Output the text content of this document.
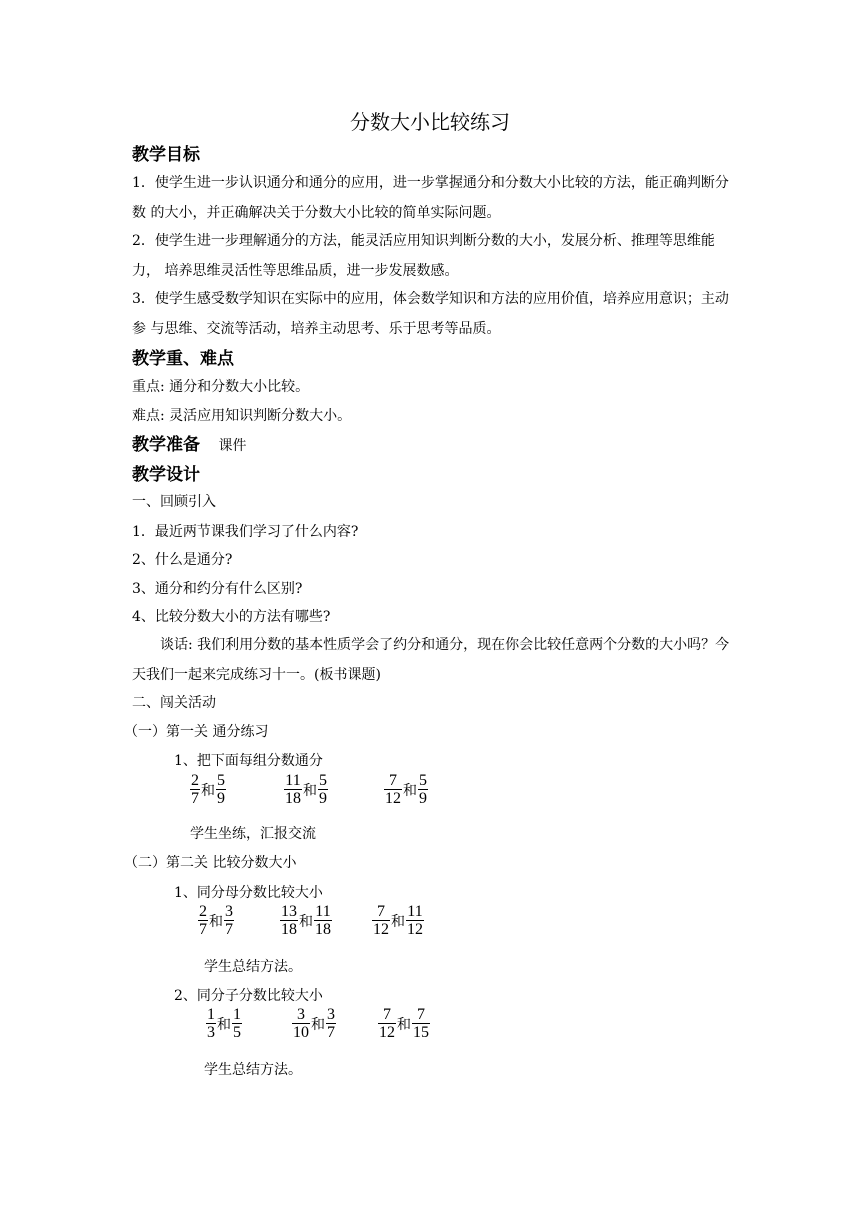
分数大小比较练习
教学目标
1．使学生进一步认识通分和通分的应用，进一步掌握通分和分数大小比较的方法，能正确判断分数 的大小，并正确解决关于分数大小比较的简单实际问题。
2．使学生进一步理解通分的方法，能灵活应用知识判断分数的大小，发展分析、推理等思维能力， 培养思维灵活性等思维品质，进一步发展数感。
3．使学生感受数学知识在实际中的应用，体会数学知识和方法的应用价值，培养应用意识；主动参 与思维、交流等活动，培养主动思考、乐于思考等品质。
教学重、难点
重点: 通分和分数大小比较。
难点: 灵活应用知识判断分数大小。
教学准备 课件
教学设计
一、回顾引入
1．最近两节课我们学习了什么内容?
2、什么是通分?
3、通分和约分有什么区别?
4、比较分数大小的方法有哪些?
谈话: 我们利用分数的基本性质学会了约分和通分，现在你会比较任意两个分数的大小吗？今天我们一起来完成练习十一。(板书课题)
二、闯关活动
（一）第一关 通分练习
1、把下面每组分数通分
$\frac{2}{7}$ 和 $\frac{5}{9}$	$\frac{11}{18}$ 和 $\frac{5}{9}$	$\frac{7}{12}$ 和 $\frac{5}{9}$
学生坐练，汇报交流
（二）第二关 比较分数大小
1、同分母分数比较大小
$\frac{2}{7}$ 和 $\frac{3}{7}$	$\frac{13}{18}$ 和 $\frac{11}{18}$	$\frac{7}{12}$ 和 $\frac{11}{12}$
学生总结方法。
2、同分子分数比较大小
$\frac{1}{3}$ 和 $\frac{1}{5}$	$\frac{3}{10}$ 和 $\frac{3}{7}$	$\frac{7}{12}$ 和 $\frac{7}{15}$
学生总结方法。
